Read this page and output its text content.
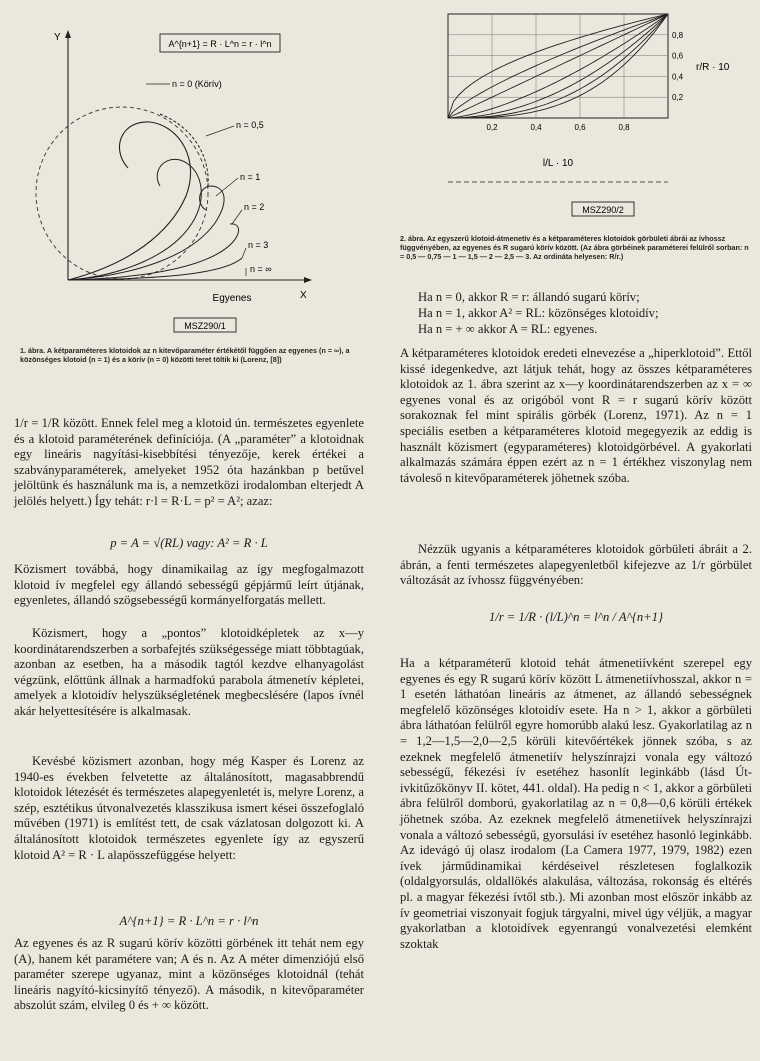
Y
X
A^{n+1} = R · L^n = r · l^n
n = 0 (Körív)
n = 0,5
n = 1
n = 2
n = 3
n = ∞
Egyenes
MSZ290/1
1. ábra. A kétparaméteres klotoidok az n kitevőparaméter értékétől függően az egyenes (n = ∞), a közönséges klotoid (n = 1) és a körív (n = 0) közötti teret töltik ki (Lorenz, [8])
0,2	0,4	0,6	0,8
0,8
0,6
0,4
0,2
r/R · 10
l/L · 10
MSZ290/2
2. ábra. Az egyszerű klotoid-átmenetív és a kétparaméteres klotoidok görbületi ábrái az ívhossz függvényében, az egyenes és R sugarú körív között. (Az ábra görbéinek paraméterei felülről sorban: n = 0,5 — 0,75 — 1 — 1,5 — 2 — 2,5 — 3. Az ordináta helyesen: R/r.)

1/r = 1/R között. Ennek felel meg a klotoid ún. természetes egyenlete és a klotoid paraméterének definíciója. (A „paraméter” a klotoidnak egy lineáris nagyítási-kisebbítési tényezője, kerek értékei a szabványparaméterek, amelyeket 1952 óta hazánkban p betűvel jelöltünk és használunk ma is, a nemzetközi irodalomban elterjedt A jelölés helyett.) Így tehát: r·l = R·L = p² = A²; azaz:

p = A = √(RL) vagy: A² = R · L

Közismert továbbá, hogy dinamikailag az így megfogalmazott klotoid ív megfelel egy állandó sebességű gépjármű leírt útjának, egyenletes, állandó szögsebességű kormányelforgatás mellett.

Közismert, hogy a „pontos” klotoidképletek az x—y koordinátarendszerben a sorbafejtés szükségessége miatt többtagúak, azonban az esetben, ha a második tagtól kezdve elhanyagolást végzünk, előttünk állnak a harmadfokú parabola átmenetív képletei, amelyek a klotoidív helyszükségletének megbecslésére (lapos ívnél akár helyettesítésére is alkalmasak.

Kevésbé közismert azonban, hogy még Kasper és Lorenz az 1940-es években felvetette az általánosított, magasabbrendű klotoidok létezését és természetes alapegyenletét is, melyre Lorenz, a szép, esztétikus útvonalvezetés klasszikusa ismert kései összefoglaló művében (1971) is említést tett, de csak vázlatosan dolgozott ki. A általánosított klotoidok természetes egyenlete így az egyszerű klotoid A² = R · L alapösszefüggése helyett:

A^{n+1} = R · L^n = r · l^n

Az egyenes és az R sugarú körív közötti görbének itt tehát nem egy (A), hanem két paramétere van; A és n. Az A méter dimenziójú első paraméter szerepe ugyanaz, mint a közönséges klotoidnál (tehát lineáris nagyító-kicsinyítő tényező). A második, n kitevőparaméter abszolút szám, elvileg 0 és + ∞ között.

Ha n = 0, akkor R = r: állandó sugarú körív;
Ha n = 1, akkor A² = RL: közönséges klotoidív;
Ha n = + ∞ akkor A = RL: egyenes.

A kétparaméteres klotoidok eredeti elnevezése a „hiperklotoid”. Ettől kissé idegenkedve, azt látjuk tehát, hogy az összes kétparaméteres klotoidok az 1. ábra szerint az x—y koordinátarendszerben az x = ∞ egyenes vonal és az origóból vont R = r sugarú körív között sorakoznak fel mint spirális görbék (Lorenz, 1971). Az n = 1 speciális esetben a kétparaméteres klotoid megegyezik az eddig is használt közismert (egyparaméteres) klotoidgörbével. A gyakorlati alkalmazás számára éppen ezért az n = 1 értékhez viszonylag nem távoleső n kitevőparaméterek jöhetnek szóba.

Nézzük ugyanis a kétparaméteres klotoidok görbületi ábráit a 2. ábrán, a fenti természetes alapegyenletből kifejezve az 1/r görbület változását az ívhossz függvényében:

1/r = 1/R · (l/L)^n = l^n / A^{n+1}

Ha a kétparaméterű klotoid tehát átmenetiívként szerepel egy egyenes és egy R sugarú körív között L átmenetiívhosszal, akkor n = 1 esetén láthatóan lineáris az átmenet, az állandó sebességnek megfelelő közönséges klotoidív esete. Ha n > 1, akkor a görbületi ábra láthatóan felülről egyre homorúbb alakú lesz. Gyakorlatilag az n = 1,2—1,5—2,0—2,5 körüli kitevőértékek jönnek szóba, s az ezeknek megfelelő átmenetiív helyszínrajzi vonala egy változó sebességű, fékezési ív esetéhez hasonlít leginkább (lásd Út-ivkitűzőkönyv II. kötet, 441. oldal). Ha pedig n < 1, akkor a görbületi ábra felülről domború, gyakorlatilag az n = 0,8—0,6 körüli értékek jöhetnek szóba. Az ezeknek megfelelő átmenetiívek helyszínrajzi vonala a változó sebességű, gyorsulási ív esetéhez hasonló leginkább. Az idevágó új olasz irodalom (La Camera 1977, 1979, 1982) ezen ívek járműdinamikai kérdéseivel részletesen foglalkozik (oldalgyorsulás, oldallökés alakulása, változása, rokonság és eltérés pl. a magyar fékezési ívtől stb.). Mi azonban most először inkább az ív geometriai viszonyait fogjuk tárgyalni, mivel úgy véljük, a magyar gyakorlatban a klotoidívek egyenrangú vonalvezetési elemként szoktak
